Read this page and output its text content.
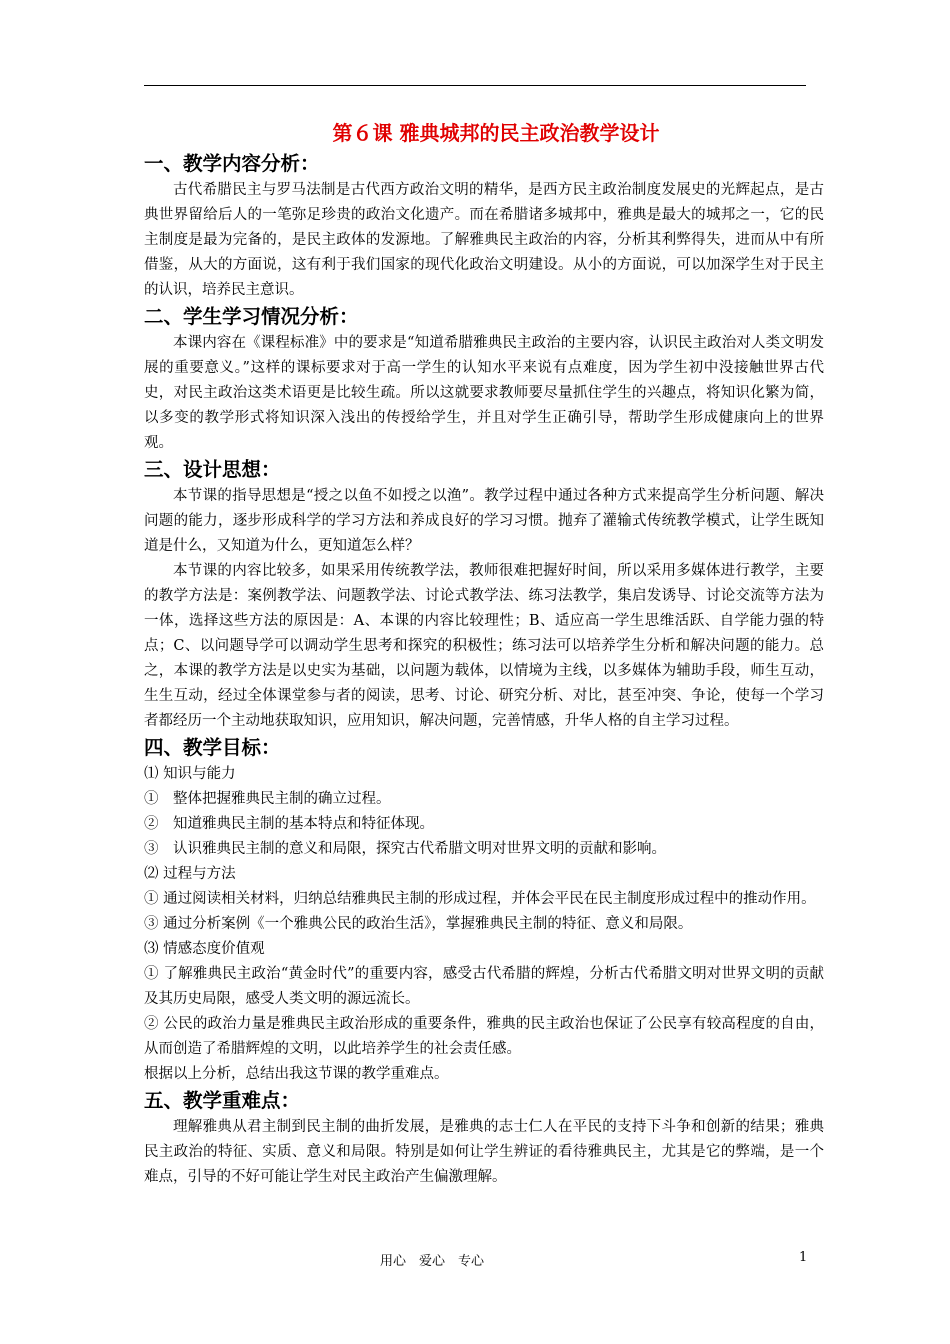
第６课 雅典城邦的民主政治教学设计
一、教学内容分析：

古代希腊民主与罗马法制是古代西方政治文明的精华，是西方民主政治制度发展史的光辉起点，是古典世界留给后人的一笔弥足珍贵的政治文化遗产。而在希腊诸多城邦中，雅典是最大的城邦之一，它的民主制度是最为完备的，是民主政体的发源地。了解雅典民主政治的内容，分析其利弊得失，进而从中有所借鉴，从大的方面说，这有利于我们国家的现代化政治文明建设。从小的方面说，可以加深学生对于民主的认识，培养民主意识。

二、学生学习情况分析：

本课内容在《课程标准》中的要求是“知道希腊雅典民主政治的主要内容，认识民主政治对人类文明发展的重要意义。”这样的课标要求对于高一学生的认知水平来说有点难度，因为学生初中没接触世界古代史，对民主政治这类术语更是比较生疏。所以这就要求教师要尽量抓住学生的兴趣点，将知识化繁为简，以多变的教学形式将知识深入浅出的传授给学生，并且对学生正确引导，帮助学生形成健康向上的世界观。

三、设计思想：

本节课的指导思想是“授之以鱼不如授之以渔”。教学过程中通过各种方式来提高学生分析问题、解决问题的能力，逐步形成科学的学习方法和养成良好的学习习惯。抛弃了灌输式传统教学模式，让学生既知道是什么，又知道为什么，更知道怎么样？

本节课的内容比较多，如果采用传统教学法，教师很难把握好时间，所以采用多媒体进行教学，主要的教学方法是：案例教学法、问题教学法、讨论式教学法、练习法教学，集启发诱导、讨论交流等方法为一体，选择这些方法的原因是：A、本课的内容比较理性；B、适应高一学生思维活跃、自学能力强的特点；C、以问题导学可以调动学生思考和探究的积极性；练习法可以培养学生分析和解决问题的能力。总之，本课的教学方法是以史实为基础，以问题为载体，以情境为主线，以多媒体为辅助手段，师生互动，生生互动，经过全体课堂参与者的阅读，思考、讨论、研究分析、对比，甚至冲突、争论，使每一个学习者都经历一个主动地获取知识，应用知识，解决问题，完善情感，升华人格的自主学习过程。

四、教学目标：

⑴ 知识与能力

①　整体把握雅典民主制的确立过程。

②　知道雅典民主制的基本特点和特征体现。

③　认识雅典民主制的意义和局限，探究古代希腊文明对世界文明的贡献和影响。

⑵ 过程与方法

① 通过阅读相关材料，归纳总结雅典民主制的形成过程，并体会平民在民主制度形成过程中的推动作用。

③ 通过分析案例《一个雅典公民的政治生活》，掌握雅典民主制的特征、意义和局限。

⑶ 情感态度价值观

① 了解雅典民主政治“黄金时代”的重要内容，感受古代希腊的辉煌，分析古代希腊文明对世界文明的贡献及其历史局限，感受人类文明的源远流长。

② 公民的政治力量是雅典民主政治形成的重要条件，雅典的民主政治也保证了公民享有较高程度的自由，从而创造了希腊辉煌的文明，以此培养学生的社会责任感。

根据以上分析，总结出我这节课的教学重难点。

五、教学重难点：

理解雅典从君主制到民主制的曲折发展，是雅典的志士仁人在平民的支持下斗争和创新的结果；雅典民主政治的特征、实质、意义和局限。特别是如何让学生辨证的看待雅典民主，尤其是它的弊端，是一个难点，引导的不好可能让学生对民主政治产生偏激理解。

用心　爱心　专心	1
